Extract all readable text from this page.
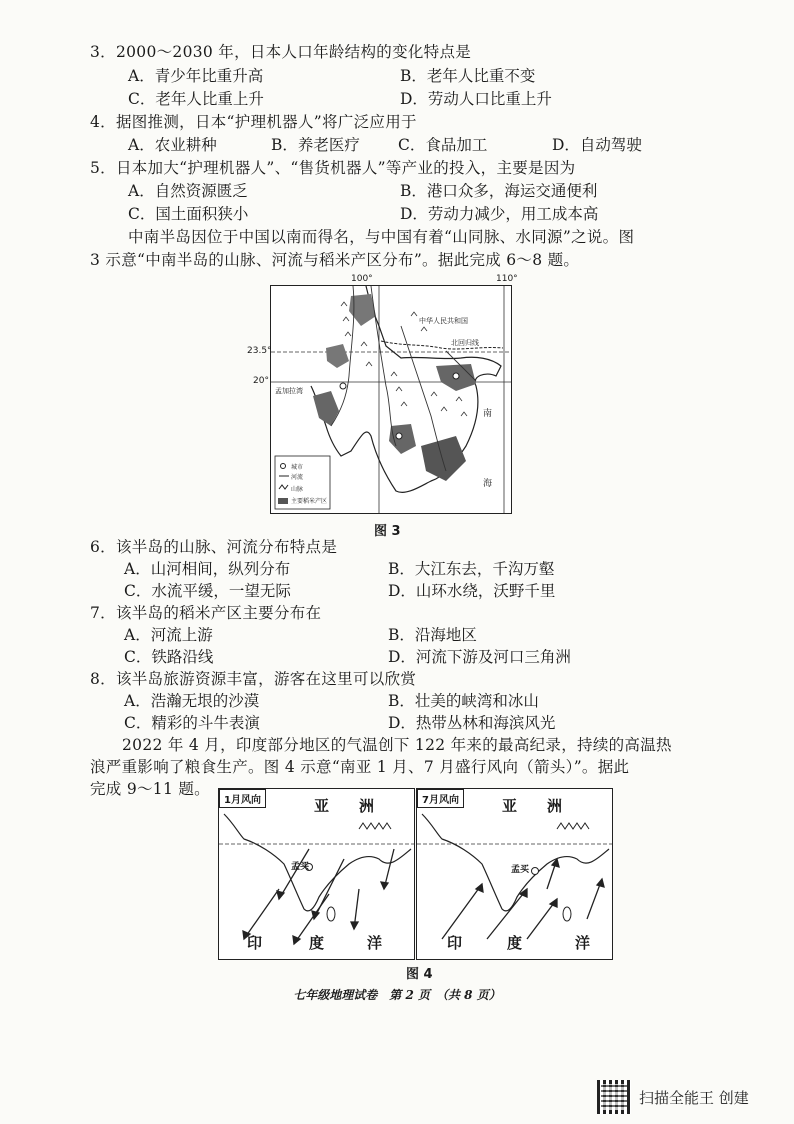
3．2000～2030 年，日本人口年龄结构的变化特点是
A．青少年比重升高	B．老年人比重不变
C．老年人比重上升	D．劳动人口比重上升
4．据图推测，日本“护理机器人”将广泛应用于
A．农业耕种	B．养老医疗 C．食品加工	D．自动驾驶
5．日本加大“护理机器人”、“售货机器人”等产业的投入，主要是因为
A．自然资源匮乏	B．港口众多，海运交通便利
C．国土面积狭小	D．劳动力减少，用工成本高
中南半岛因位于中国以南而得名，与中国有着“山同脉、水同源”之说。图
3 示意“中南半岛的山脉、河流与稻米产区分布”。据此完成 6～8 题。
100°	110°
23.5°
20°
中华人民共和国
北回归线
孟加拉湾
南
海
城市
河流
山脉
主要稻米产区
图 3
6．该半岛的山脉、河流分布特点是
A．山河相间，纵列分布	B．大江东去，千沟万壑
C．水流平缓，一望无际	D．山环水绕，沃野千里
7．该半岛的稻米产区主要分布在
A．河流上游	B．沿海地区
C．铁路沿线	D．河流下游及河口三角洲
8．该半岛旅游资源丰富，游客在这里可以欣赏
A．浩瀚无垠的沙漠	B．壮美的峡湾和冰山
C．精彩的斗牛表演	D．热带丛林和海滨风光
2022 年 4 月，印度部分地区的气温创下 122 年来的最高纪录，持续的高温热
浪严重影响了粮食生产。图 4 示意“南亚 1 月、7 月盛行风向（箭头）”。据此
完成 9～11 题。
1月风向	亚 洲
孟买
印	度	洋
7月风向	亚 洲
孟买
印	度	洋
图 4
七年级地理试卷　第 2 页　（共 8 页）
扫描全能王 创建
